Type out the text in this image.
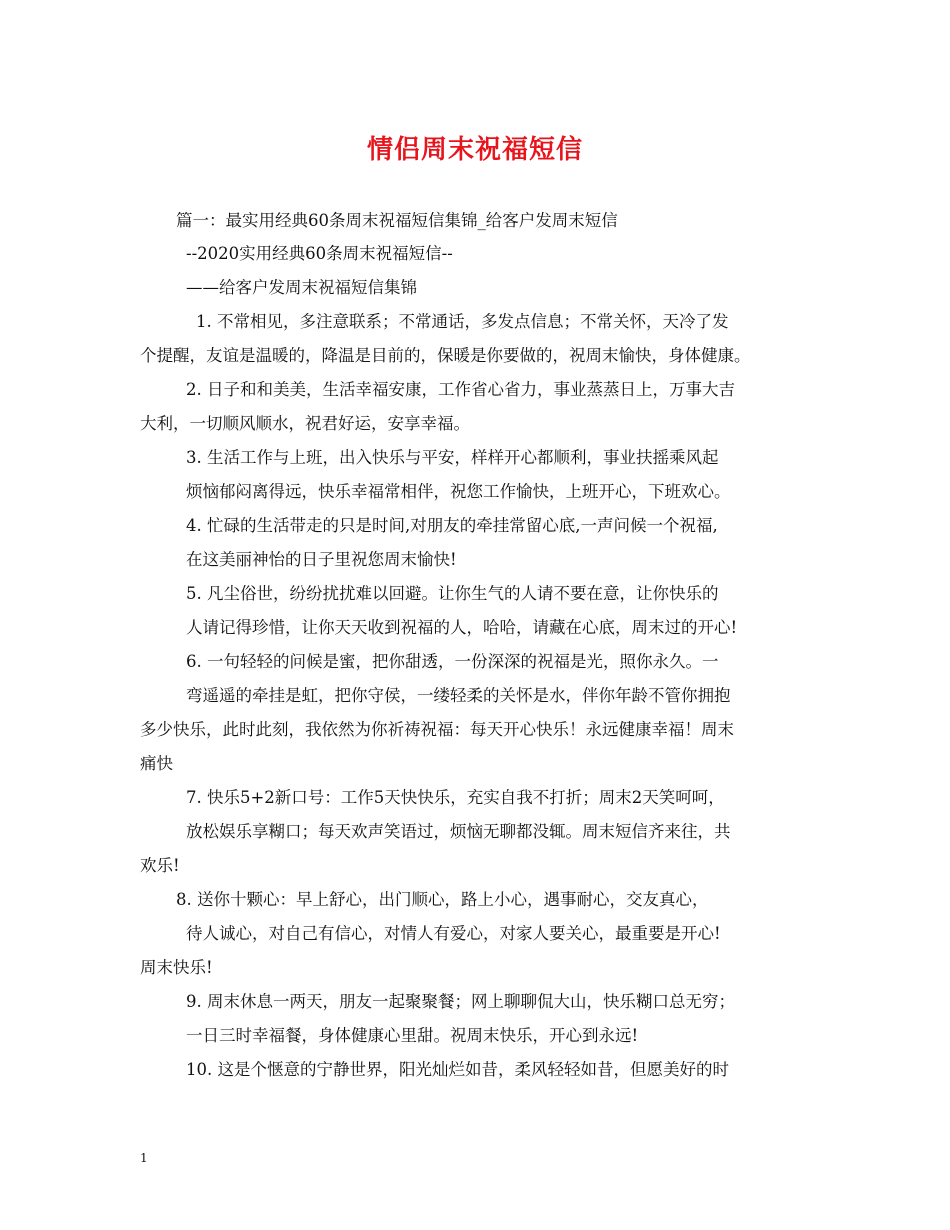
情侣周末祝福短信
篇一：最实用经典60条周末祝福短信集锦_给客户发周末短信
--2020实用经典60条周末祝福短信--
——给客户发周末祝福短信集锦
1. 不常相见，多注意联系；不常通话，多发点信息；不常关怀，天冷了发
个提醒，友谊是温暖的，降温是目前的，保暖是你要做的，祝周末愉快，身体健康。
2. 日子和和美美，生活幸福安康，工作省心省力，事业蒸蒸日上，万事大吉
大利，一切顺风顺水，祝君好运，安享幸福。
3. 生活工作与上班，出入快乐与平安，样样开心都顺利，事业扶摇乘风起
烦恼郁闷离得远，快乐幸福常相伴，祝您工作愉快，上班开心，下班欢心。
4. 忙碌的生活带走的只是时间,对朋友的牵挂常留心底,一声问候一个祝福,
在这美丽神怡的日子里祝您周末愉快!
5. 凡尘俗世，纷纷扰扰难以回避。让你生气的人请不要在意，让你快乐的
人请记得珍惜，让你天天收到祝福的人，哈哈，请藏在心底，周末过的开心!
6. 一句轻轻的问候是蜜，把你甜透，一份深深的祝福是光，照你永久。一
弯遥遥的牵挂是虹，把你守侯，一缕轻柔的关怀是水，伴你年龄不管你拥抱
多少快乐，此时此刻，我依然为你祈祷祝福：每天开心快乐！永远健康幸福！周末
痛快
7. 快乐5+2新口号：工作5天快快乐，充实自我不打折；周末2天笑呵呵，
放松娱乐享糊口；每天欢声笑语过，烦恼无聊都没辄。周末短信齐来往，共
欢乐!
8. 送你十颗心：早上舒心，出门顺心，路上小心，遇事耐心，交友真心，
待人诚心，对自己有信心，对情人有爱心，对家人要关心，最重要是开心!
周末快乐!
9. 周末休息一两天，朋友一起聚聚餐；网上聊聊侃大山，快乐糊口总无穷；
一日三时幸福餐，身体健康心里甜。祝周末快乐，开心到永远!
10. 这是个惬意的宁静世界，阳光灿烂如昔，柔风轻轻如昔，但愿美好的时
1
